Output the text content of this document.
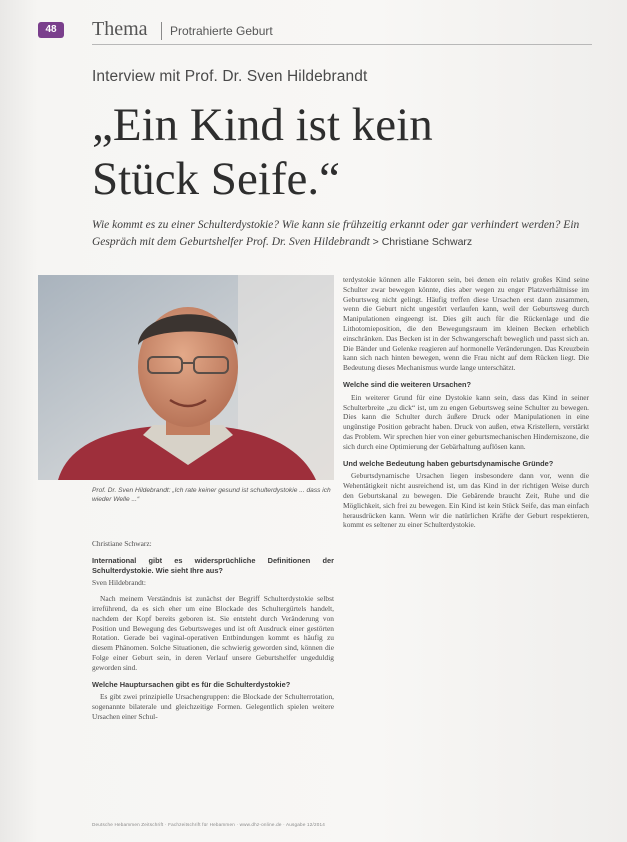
48	Thema Protrahierte Geburt
Interview mit Prof. Dr. Sven Hildebrandt
„Ein Kind ist kein
Stück Seife.“
Wie kommt es zu einer Schulterdystokie? Wie kann sie frühzeitig erkannt oder gar verhindert werden? Ein Gespräch mit dem Geburtshelfer Prof. Dr. Sven Hildebrandt > Christiane Schwarz
Prof. Dr. Sven Hildebrandt: „Ich rate keiner gesund ist schulterdystokie ... dass ich wieder Welle ...“

Christiane Schwarz:

International gibt es widersprüchliche Definitionen der Schulterdystokie. Wie sieht Ihre aus?

Sven Hildebrandt:

Nach meinem Verständnis ist zunächst der Begriff Schulterdystokie selbst irreführend, da es sich eher um eine Blockade des Schultergürtels handelt, nachdem der Kopf bereits geboren ist. Sie entsteht durch Veränderung von Position und Bewegung des Geburtsweges und ist oft Ausdruck einer gestörten Rotation. Gerade bei vaginal-operativen Entbindungen kommt es häufig zu diesem Phänomen. Solche Situationen, die schwierig geworden sind, können die Folge einer Geburt sein, in deren Verlauf unsere Geburtshelfer ungeduldig geworden sind.

Welche Hauptursachen gibt es für die Schulterdystokie?

Es gibt zwei prinzipielle Ursachengruppen: die Blockade der Schulterrotation, sogenannte bilaterale und gleichzeitige Formen. Gelegentlich spielen weitere Ursachen einer Schul-

terdystokie können alle Faktoren sein, bei denen ein relativ großes Kind seine Schulter zwar bewegen könnte, dies aber wegen zu enger Platzverhältnisse im Geburtsweg nicht gelingt. Häufig treffen diese Ursachen erst dann zusammen, wenn die Geburt nicht ungestört verlaufen kann, weil der Geburtsweg durch Manipulationen eingeengt ist. Dies gilt auch für die Rückenlage und die Lithotomieposition, die den Bewegungsraum im kleinen Becken erheblich einschränken. Das Becken ist in der Schwangerschaft beweglich und passt sich an. Die Bänder und Gelenke reagieren auf hormonelle Veränderungen. Das Kreuzbein kann sich nach hinten bewegen, wenn die Frau nicht auf dem Rücken liegt. Die Bedeutung dieses Mechanismus wurde lange unterschätzt.

Welche sind die weiteren Ursachen?

Ein weiterer Grund für eine Dystokie kann sein, dass das Kind in seiner Schulterbreite „zu dick“ ist, um zu engen Geburtsweg seine Schulter zu bewegen. Dies kann die Schulter durch äußere Druck oder Manipulationen in eine ungünstige Position gebracht haben. Druck von außen, etwa Kristellern, verstärkt das Problem. Wir sprechen hier von einer geburtsmechanischen Hinderniszone, die sich durch eine Optimierung der Gebärhaltung auflösen kann.

Und welche Bedeutung haben geburtsdynamische Gründe?

Geburtsdynamische Ursachen liegen insbesondere dann vor, wenn die Wehentätigkeit nicht ausreichend ist, um das Kind in der richtigen Weise durch den Geburtskanal zu bewegen. Die Gebärende braucht Zeit, Ruhe und die Möglichkeit, sich frei zu bewegen. Ein Kind ist kein Stück Seife, das man einfach herausdrücken kann. Wenn wir die natürlichen Kräfte der Geburt respektieren, kommt es seltener zu einer Schulterdystokie.

Deutsche Hebammen Zeitschrift · Fachzeitschrift für Hebammen · www.dhz-online.de · Ausgabe 12/2014
